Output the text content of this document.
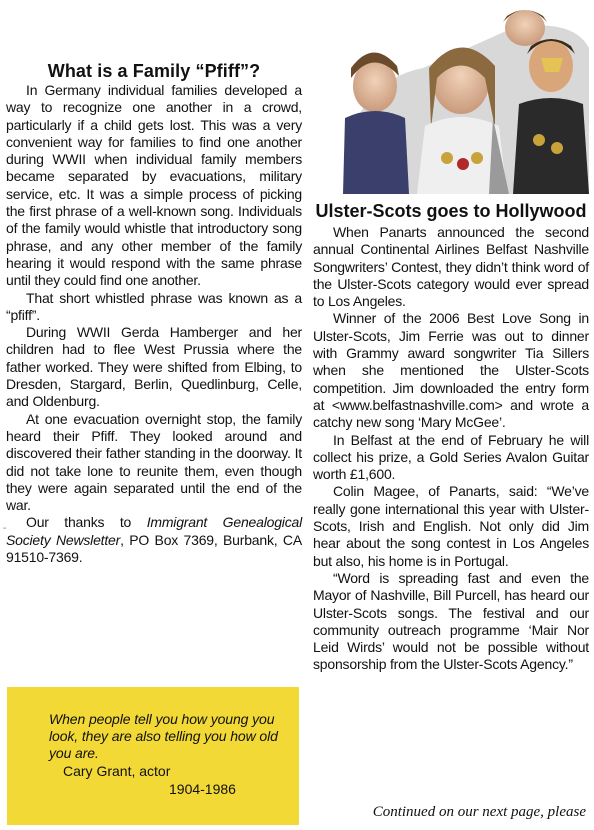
What is a Family “Pfiff”?

In Germany individual families developed a way to recognize one another in a crowd, particularly if a child gets lost. This was a very convenient way for families to find one another during WWII when individual family members became separated by evacuations, military service, etc. It was a simple process of picking the first phrase of a well-known song. Individuals of the family would whistle that introductory song phrase, and any other member of the family hearing it would respond with the same phrase until they could find one another.

That short whistled phrase was known as a “pfiff”.

During WWII Gerda Hamberger and her children had to flee West Prussia where the father worked. They were shifted from Elbing, to Dresden, Stargard, Berlin, Quedlinburg, Celle, and Oldenburg.

At one evacuation overnight stop, the family heard their Pfiff. They looked around and discovered their father standing in the doorway. It did not take lone to reunite them, even though they were again separated until the end of the war.

Our thanks to Immigrant Genealogical Society Newsletter, PO Box 7369, Burbank, CA 91510-7369.

-
When people tell you how young you look, they are also telling you how old you are.
Cary Grant, actor
1904-1986
Ulster-Scots goes to Hollywood

When Panarts announced the second annual Continental Airlines Belfast Nashville Songwriters’ Contest, they didn’t think word of the Ulster-Scots category would ever spread to Los Angeles.

Winner of the 2006 Best Love Song in Ulster-Scots, Jim Ferrie was out to dinner with Grammy award songwriter Tia Sillers when she mentioned the Ulster-Scots competition. Jim downloaded the entry form at <www.belfastnashville.com> and wrote a catchy new song ‘Mary McGee’.

In Belfast at the end of February he will collect his prize, a Gold Series Avalon Guitar worth £1,600.

Colin Magee, of Panarts, said: “We’ve really gone international this year with Ulster-Scots, Irish and English. Not only did Jim hear about the song contest in Los Angeles but also, his home is in Portugal.

“Word is spreading fast and even the Mayor of Nashville, Bill Purcell, has heard our Ulster-Scots songs. The festival and our community outreach programme ‘Mair Nor Leid Wirds’ would not be possible without sponsorship from the Ulster-Scots Agency.”

Continued on our next page, please
